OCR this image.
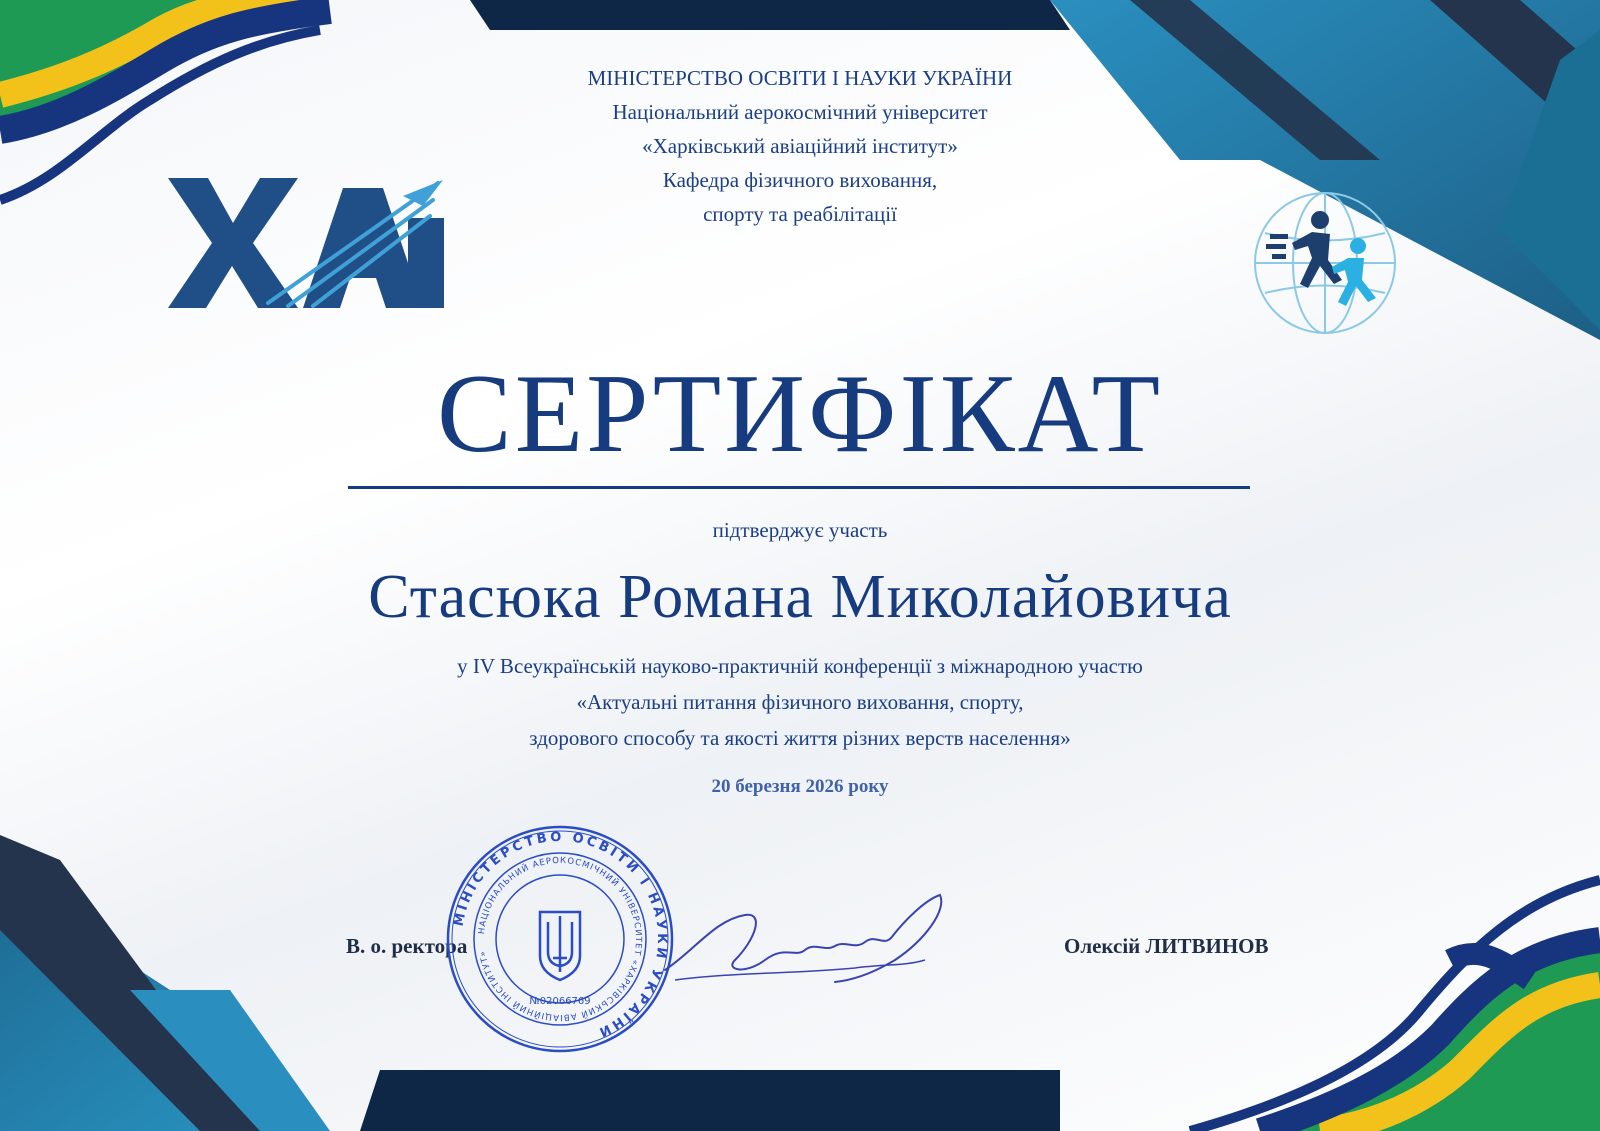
МІНІСТЕРСТВО ОСВІТИ І НАУКИ УКРАЇНИ
Національний аерокосмічний університет
«Харківський авіаційний інститут»
Кафедра фізичного виховання,
спорту та реабілітації
СЕРТИФІКАТ
підтверджує участь
Стасюка Романа Миколайовича
у IV Всеукраїнській науково-практичній конференції з міжнародною участю
«Актуальні питання фізичного виховання, спорту,
здорового способу та якості життя різних верств населення»
20 березня 2026 року
В. о. ректора	Олексій ЛИТВИНОВ
МІНІСТЕРСТВО ОСВІТИ І НАУКИ УКРАЇНИ
НАЦІОНАЛЬНИЙ АЕРОКОСМІЧНИЙ УНІВЕРСИТЕТ «ХАРКІВСЬКИЙ АВІАЦІЙНИЙ ІНСТИТУТ»
№02066769
